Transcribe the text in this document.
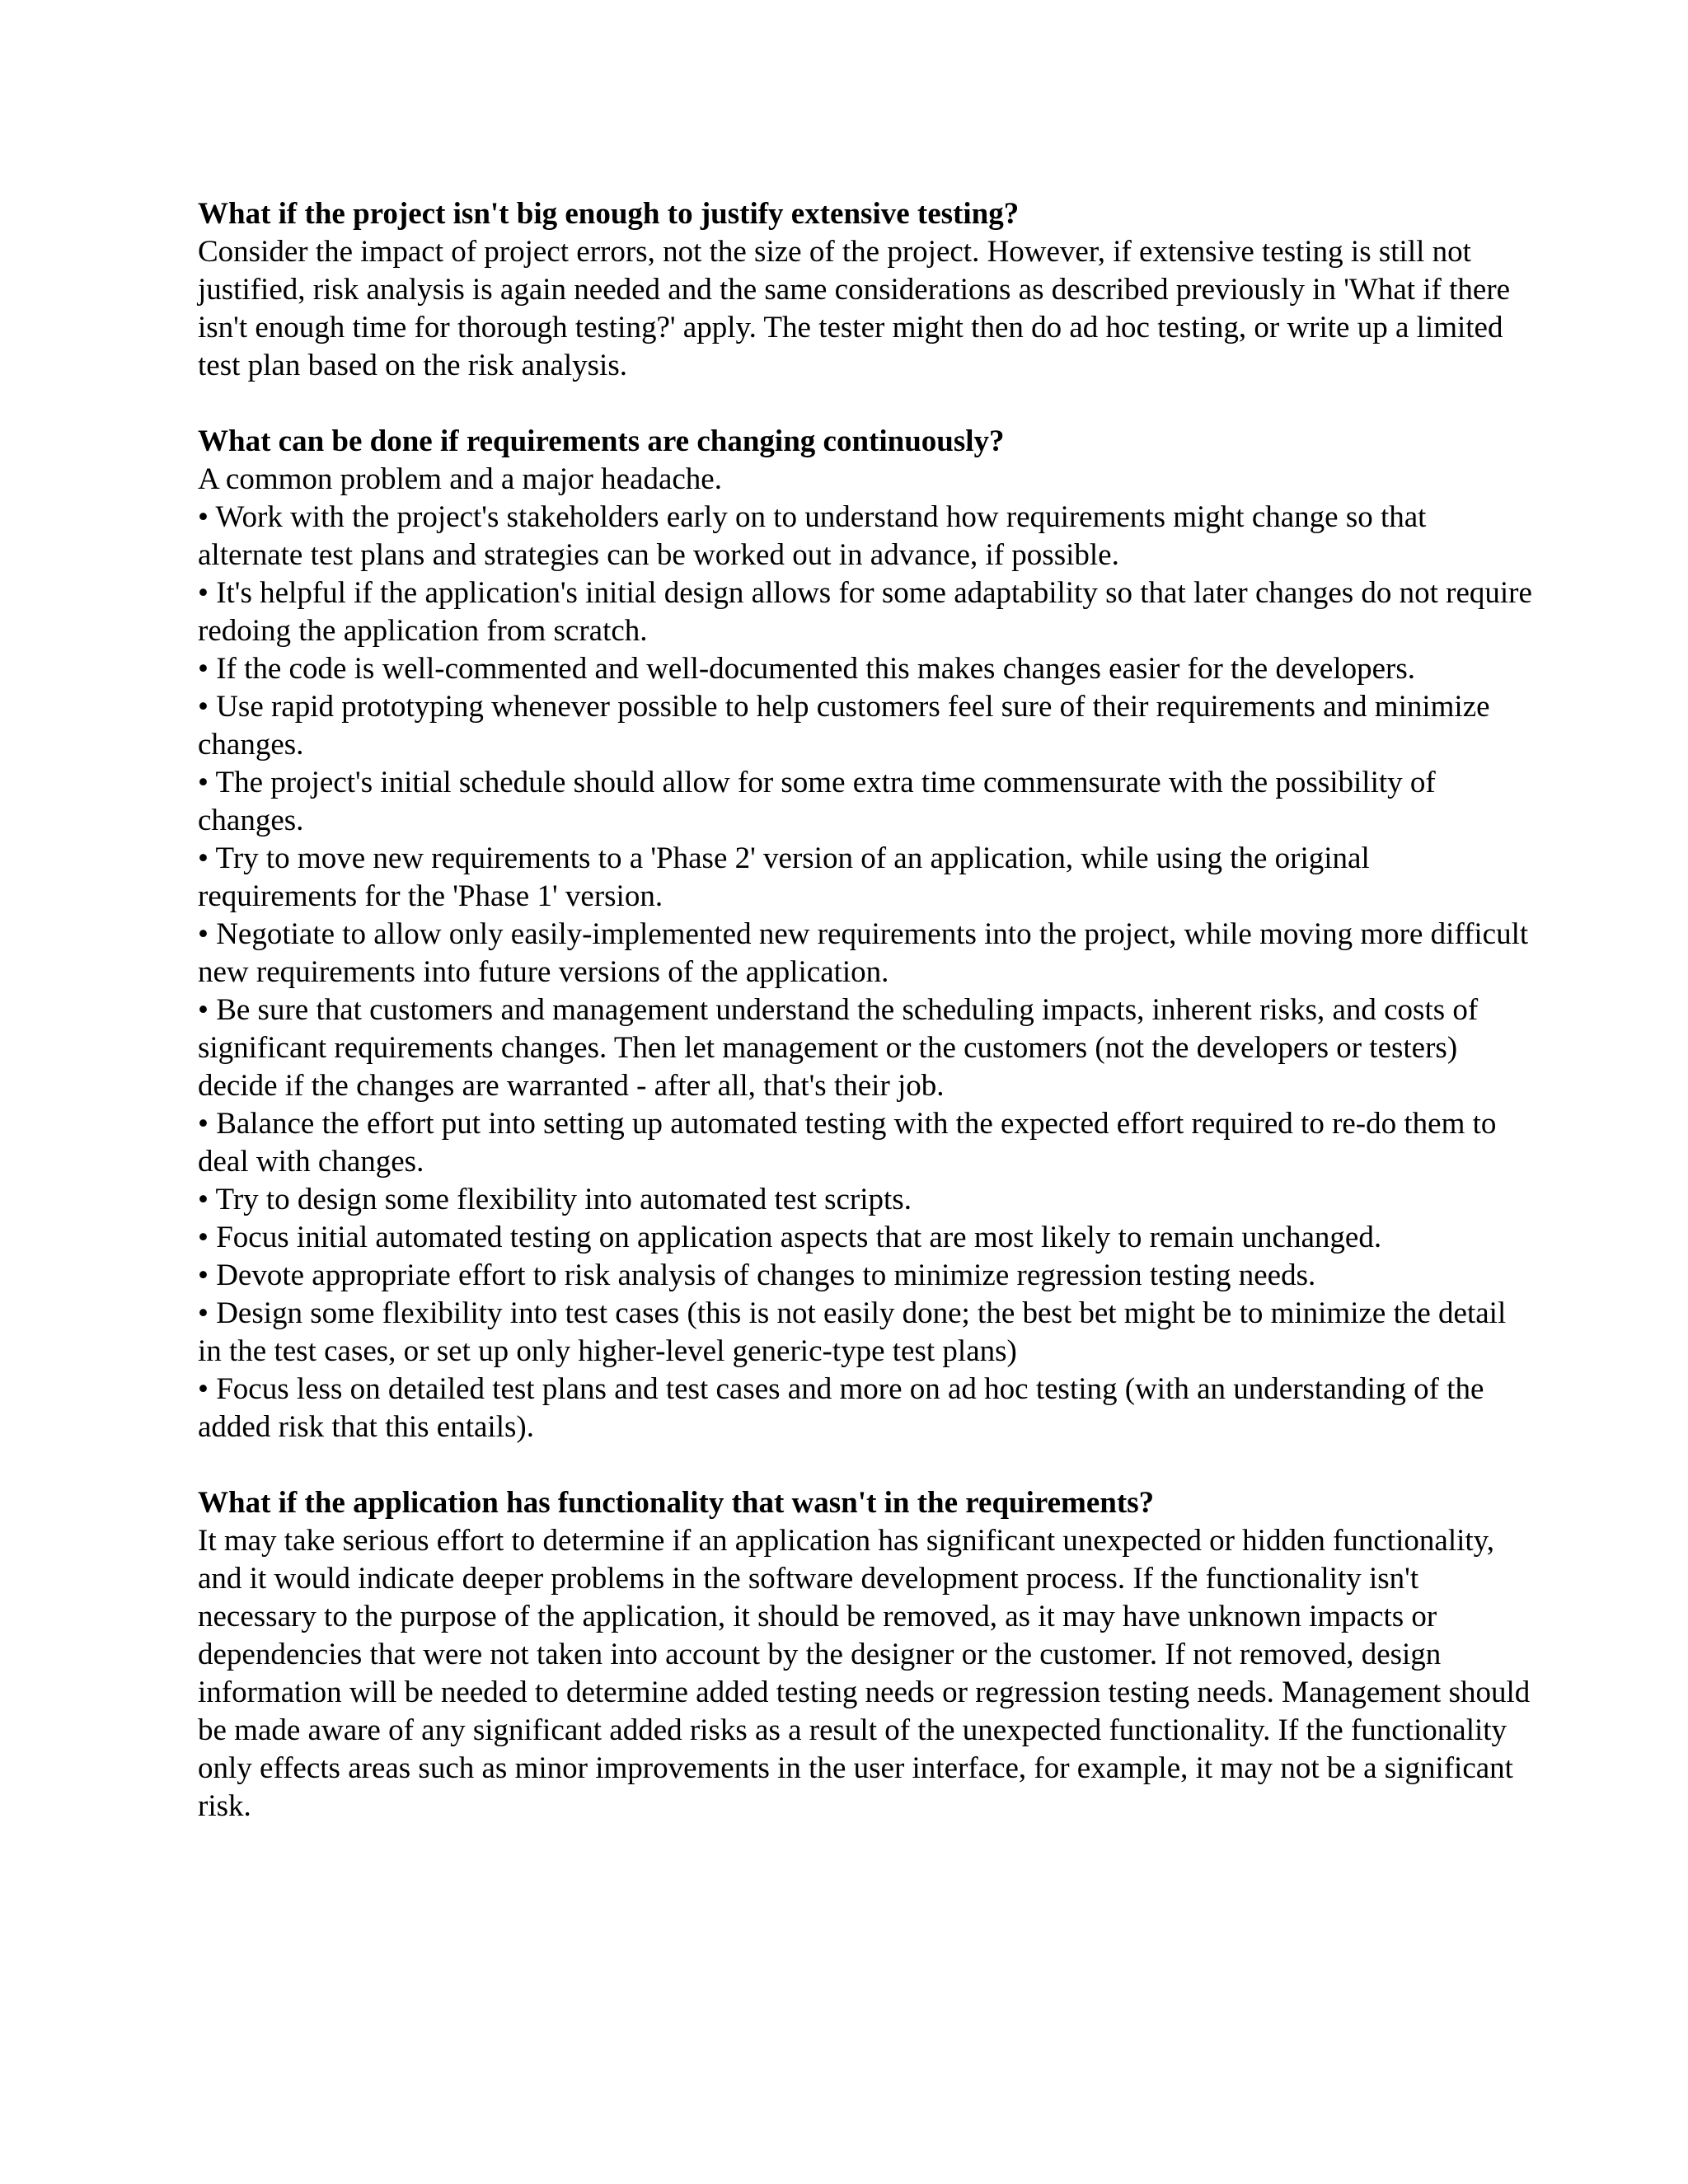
What if the project isn't big enough to justify extensive testing?

Consider the impact of project errors, not the size of the project. However, if extensive testing is still not justified, risk analysis is again needed and the same considerations as described previously in 'What if there isn't enough time for thorough testing?' apply. The tester might then do ad hoc testing, or write up a limited test plan based on the risk analysis.

What can be done if requirements are changing continuously?

A common problem and a major headache.

• Work with the project's stakeholders early on to understand how requirements might change so that alternate test plans and strategies can be worked out in advance, if possible.
• It's helpful if the application's initial design allows for some adaptability so that later changes do not require redoing the application from scratch.
• If the code is well-commented and well-documented this makes changes easier for the developers.
• Use rapid prototyping whenever possible to help customers feel sure of their requirements and minimize changes.
• The project's initial schedule should allow for some extra time commensurate with the possibility of changes.
• Try to move new requirements to a 'Phase 2' version of an application, while using the original requirements for the 'Phase 1' version.
• Negotiate to allow only easily-implemented new requirements into the project, while moving more difficult new requirements into future versions of the application.
• Be sure that customers and management understand the scheduling impacts, inherent risks, and costs of significant requirements changes. Then let management or the customers (not the developers or testers) decide if the changes are warranted - after all, that's their job.
• Balance the effort put into setting up automated testing with the expected effort required to re-do them to deal with changes.
• Try to design some flexibility into automated test scripts.
• Focus initial automated testing on application aspects that are most likely to remain unchanged.
• Devote appropriate effort to risk analysis of changes to minimize regression testing needs.
• Design some flexibility into test cases (this is not easily done; the best bet might be to minimize the detail in the test cases, or set up only higher-level generic-type test plans)
• Focus less on detailed test plans and test cases and more on ad hoc testing (with an understanding of the added risk that this entails).

What if the application has functionality that wasn't in the requirements?

It may take serious effort to determine if an application has significant unexpected or hidden functionality, and it would indicate deeper problems in the software development process. If the functionality isn't necessary to the purpose of the application, it should be removed, as it may have unknown impacts or dependencies that were not taken into account by the designer or the customer. If not removed, design information will be needed to determine added testing needs or regression testing needs. Management should be made aware of any significant added risks as a result of the unexpected functionality. If the functionality only effects areas such as minor improvements in the user interface, for example, it may not be a significant risk.
